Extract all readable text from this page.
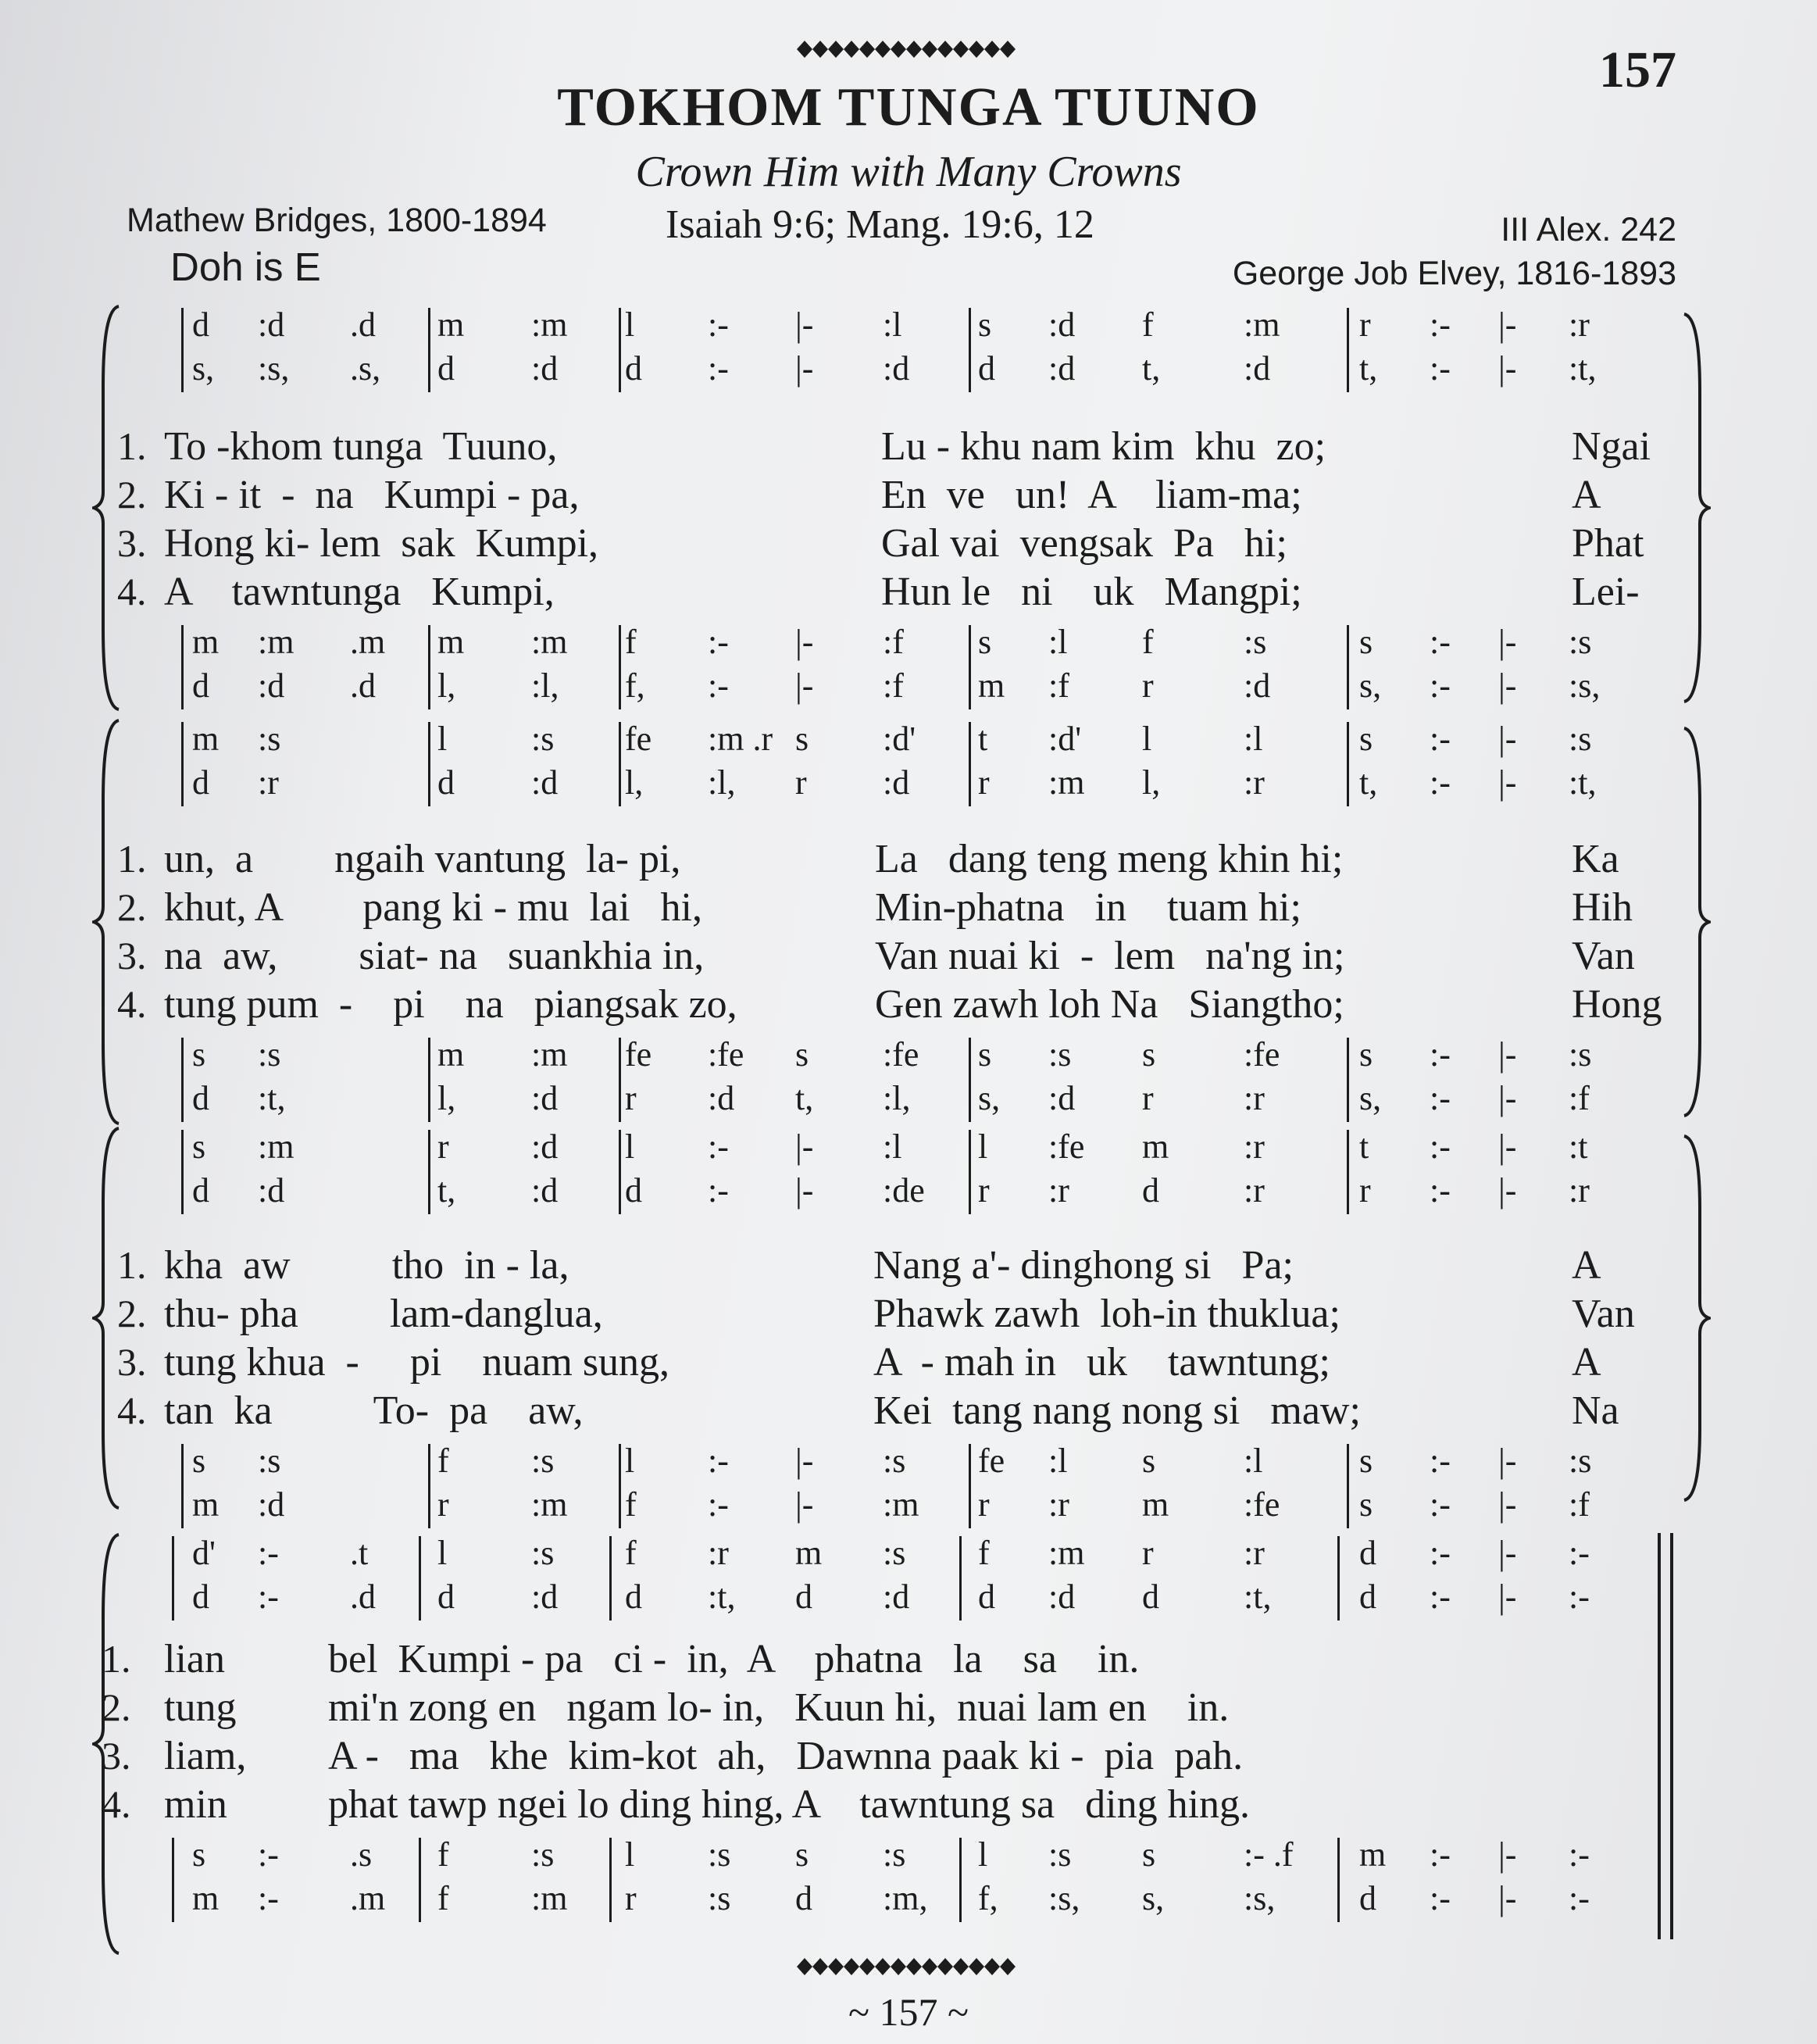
157
TOKHOM TUNGA TUUNO
Crown Him with Many Crowns
Mathew Bridges, 1800-1894	Isaiah 9:6; Mang. 19:6, 12	III Alex. 242
Doh is E	George Job Elvey, 1816-1893
d :d .d m :m l :- |- :l s :d f	:m r :- |- :r
s, :s, .s, d :d d :- |- :d d :d t, :d	t, :- |- :t,
1. To -khom tunga  Tuuno,	Lu - khu nam kim  khu  zo;	Ngai
2. Ki - it  -  na   Kumpi - pa,	En  ve   un!  A    liam-ma;	A
3. Hong ki- lem  sak  Kumpi,	Gal vai  vengsak  Pa   hi;	Phat
4. A    tawntunga   Kumpi,	Hun le   ni    uk   Mangpi;	Lei-
m :m .m m :m f :- |- :f s :l f	:s	s :- |- :s
d :d .d l, :l, f, :- |- :f m :f r	:d	s, :- |- :s,
m :s	l :s fe :m .r s :d' t :d' l	:l	s :- |- :s
d :r	d :d l, :l, r :d r :m l, :r	t, :- |- :t,
1. un,  a        ngaih vantung  la- pi,	La   dang teng meng khin hi;	Ka
2. khut, A        pang ki - mu  lai   hi,	Min-phatna   in    tuam hi;	Hih
3. na  aw,        siat- na   suankhia in,	Van nuai ki  -  lem   na'ng in;	Van
4. tung pum  -    pi    na   piangsak zo,	Gen zawh loh Na   Siangtho;	Hong
s :s	m :m fe :fe s :fe s :s s	:fe s :- |- :s
d :t,	l, :d r :d t, :l, s, :d r	:r	s, :- |- :f
s :m	r :d l :- |- :l l :fe m :r	t :- |- :t
d :d	t, :d d :- |- :de r :r d :r	r :- |- :r
1. kha  aw          tho  in - la,	Nang a'- dinghong si   Pa;	A
2. thu- pha         lam-danglua,	Phawk zawh  loh-in thuklua;	Van
3. tung khua  -     pi    nuam sung,	A  - mah in   uk    tawntung;	A
4. tan  ka          To-  pa    aw,	Kei  tang nang nong si   maw;	Na
s :s	f :s l :- |- :s fe :l s	:l	s :- |- :s
m :d	r :m f :- |- :m r :r m :fe s :- |- :f
d' :- .t l :s f :r m :s f :m r	:r	d :- |- :-
d :- .d d :d d :t, d :d d :d d :t,	d :- |- :-
1. lian	bel  Kumpi - pa   ci -  in,  A    phatna   la    sa    in.
2. tung mi'n zong en   ngam lo- in,   Kuun hi,  nuai lam en    in.
3. liam, A -   ma   khe  kim-kot  ah,   Dawnna paak ki -  pia  pah.
4. min phat tawp ngei lo ding hing, A    tawntung sa   ding hing.
s :- .s f :s l :s s :s l :s s	:- .f m :- |- :-
m :- .m f :m r :s d :m, f, :s, s, :s, d :- |- :-
~ 157 ~
